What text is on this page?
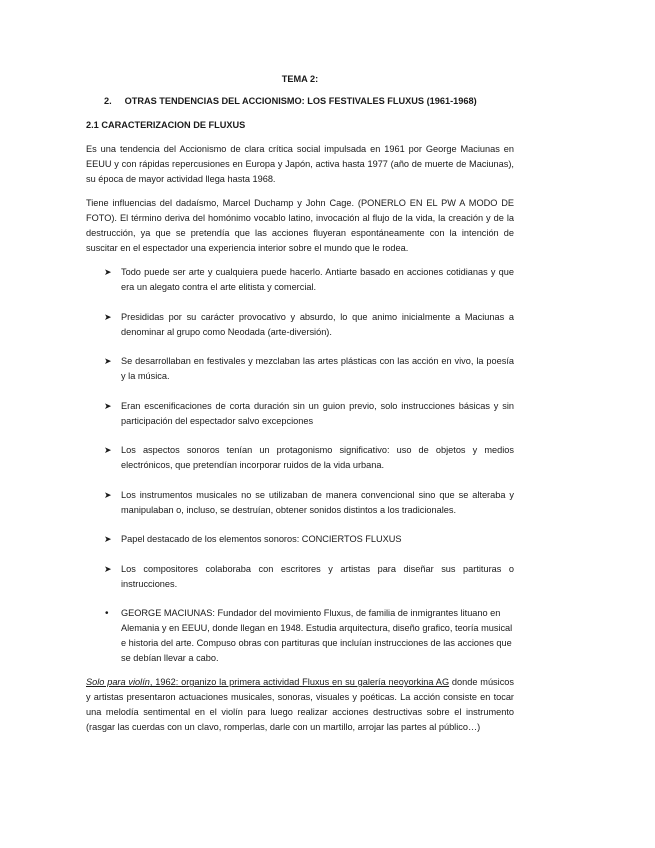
TEMA 2:
2. OTRAS TENDENCIAS DEL ACCIONISMO: LOS FESTIVALES FLUXUS (1961-1968)
2.1 CARACTERIZACION DE FLUXUS

Es una tendencia del Accionismo de clara crítica social impulsada en 1961 por George Maciunas en EEUU y con rápidas repercusiones en Europa y Japón, activa hasta 1977 (año de muerte de Maciunas), su época de mayor actividad llega hasta 1968.

Tiene influencias del dadaísmo, Marcel Duchamp y John Cage. (PONERLO EN EL PW A MODO DE FOTO). El término deriva del homónimo vocablo latino, invocación al flujo de la vida, la creación y de la destrucción, ya que se pretendía que las acciones fluyeran espontáneamente con la intención de suscitar en el espectador una experiencia interior sobre el mundo que le rodea.

➤ Todo puede ser arte y cualquiera puede hacerlo. Antiarte basado en acciones cotidianas y que era un alegato contra el arte elitista y comercial.
➤ Presididas por su carácter provocativo y absurdo, lo que animo inicialmente a Maciunas a denominar al grupo como Neodada (arte-diversión).
➤ Se desarrollaban en festivales y mezclaban las artes plásticas con las acción en vivo, la poesía y la música.
➤ Eran escenificaciones de corta duración sin un guion previo, solo instrucciones básicas y sin participación del espectador salvo excepciones
➤ Los aspectos sonoros tenían un protagonismo significativo: uso de objetos y medios electrónicos, que pretendían incorporar ruidos de la vida urbana.
➤ Los instrumentos musicales no se utilizaban de manera convencional sino que se alteraba y manipulaban o, incluso, se destruían, obtener sonidos distintos a los tradicionales.
➤ Papel destacado de los elementos sonoros: CONCIERTOS FLUXUS
➤ Los compositores colaboraba con escritores y artistas para diseñar sus partituras o instrucciones.
• GEORGE MACIUNAS: Fundador del movimiento Fluxus, de familia de inmigrantes lituano en Alemania y en EEUU, donde llegan en 1948. Estudia arquitectura, diseño grafico, teoría musical e historia del arte. Compuso obras con partituras que incluían instrucciones de las acciones que se debían llevar a cabo.

Solo para violín, 1962: organizo la primera actividad Fluxus en su galería neoyorkina AG donde músicos y artistas presentaron actuaciones musicales, sonoras, visuales y poéticas. La acción consiste en tocar una melodía sentimental en el violín para luego realizar acciones destructivas sobre el instrumento (rasgar las cuerdas con un clavo, romperlas, darle con un martillo, arrojar las partes al público…)
